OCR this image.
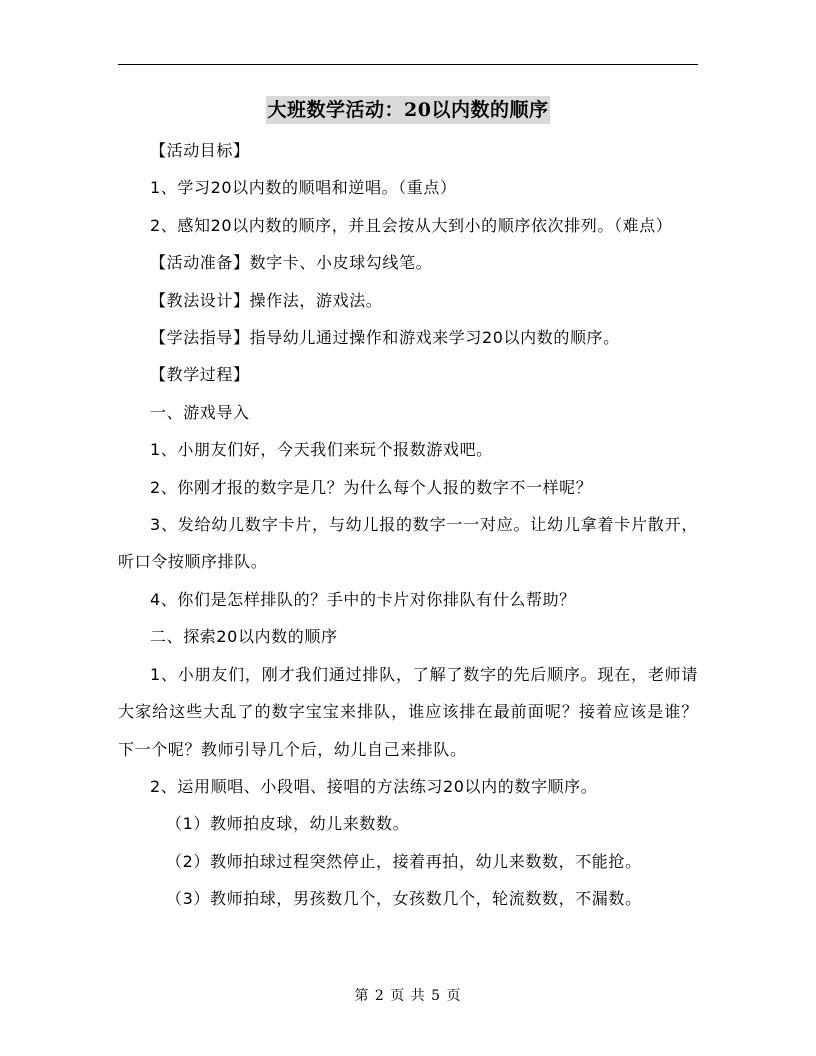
大班数学活动：20以内数的顺序

【活动目标】

1、学习20以内数的顺唱和逆唱。（重点）

2、感知20以内数的顺序，并且会按从大到小的顺序依次排列。（难点）

【活动准备】数字卡、小皮球勾线笔。

【教法设计】操作法，游戏法。

【学法指导】指导幼儿通过操作和游戏来学习20以内数的顺序。

【教学过程】

一、游戏导入

1、小朋友们好，今天我们来玩个报数游戏吧。

2、你刚才报的数字是几？为什么每个人报的数字不一样呢？

3、发给幼儿数字卡片，与幼儿报的数字一一对应。让幼儿拿着卡片散开，听口令按顺序排队。

4、你们是怎样排队的？手中的卡片对你排队有什么帮助？

二、探索20以内数的顺序

1、小朋友们，刚才我们通过排队，了解了数字的先后顺序。现在，老师请大家给这些大乱了的数字宝宝来排队，谁应该排在最前面呢？接着应该是谁？下一个呢？教师引导几个后，幼儿自己来排队。

2、运用顺唱、小段唱、接唱的方法练习20以内的数字顺序。

（1）教师拍皮球，幼儿来数数。

（2）教师拍球过程突然停止，接着再拍，幼儿来数数，不能抢。

（3）教师拍球，男孩数几个，女孩数几个，轮流数数，不漏数。

第 2 页 共 5 页
